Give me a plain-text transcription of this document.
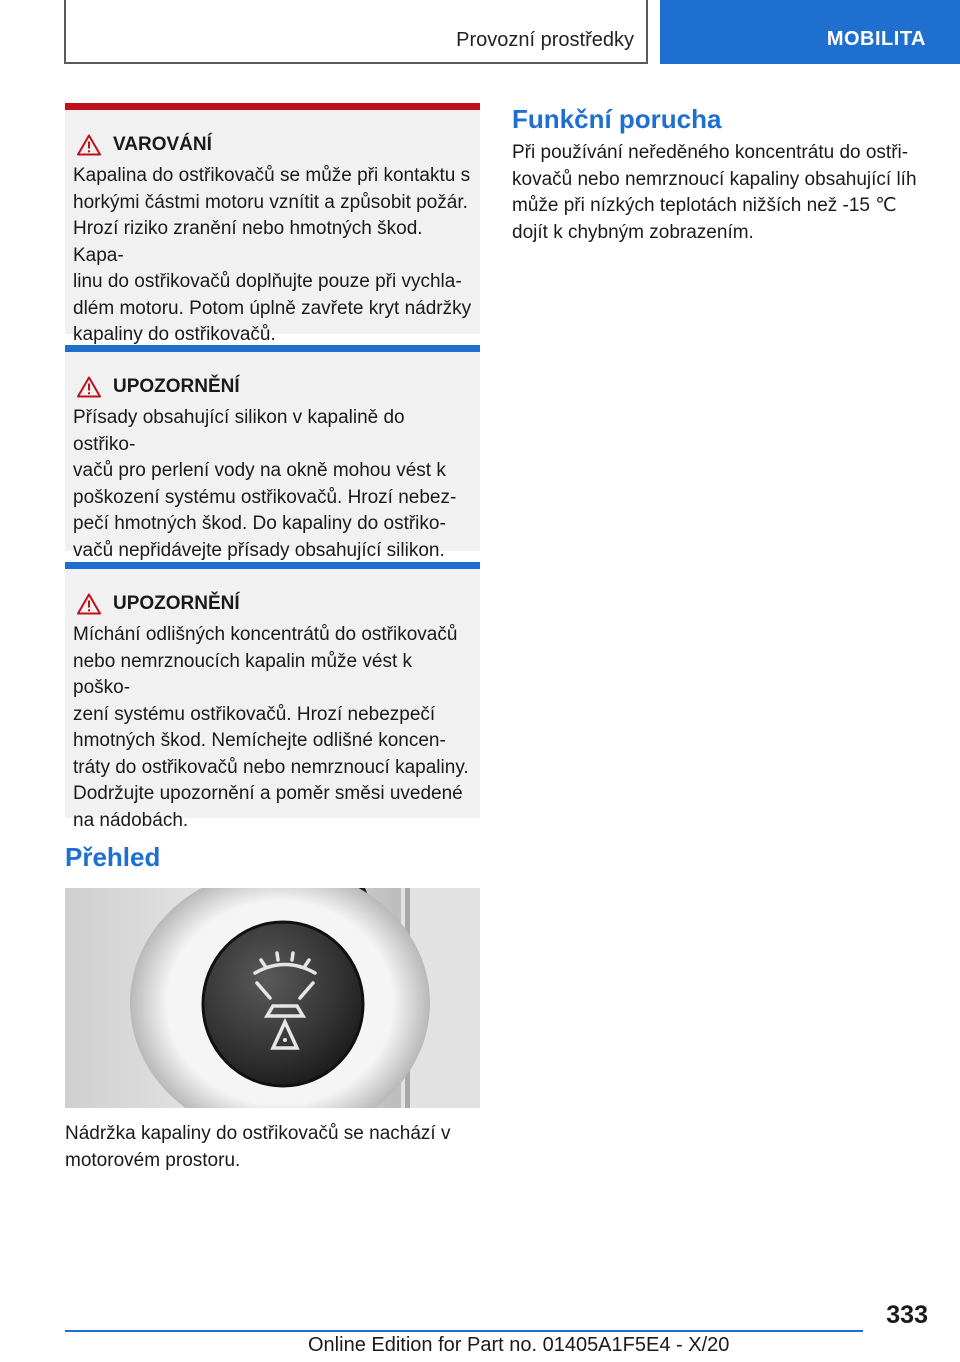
Provozní prostředky	MOBILITA
VAROVÁNÍ
Kapalina do ostřikovačů se může při kontaktu s
horkými částmi motoru vznítit a způsobit požár.
Hrozí riziko zranění nebo hmotných škod. Kapa-
linu do ostřikovačů doplňujte pouze při vychla-
dlém motoru. Potom úplně zavřete kryt nádržky
kapaliny do ostřikovačů.
UPOZORNĚNÍ
Přísady obsahující silikon v kapalině do ostřiko-
vačů pro perlení vody na okně mohou vést k
poškození systému ostřikovačů. Hrozí nebez-
pečí hmotných škod. Do kapaliny do ostřiko-
vačů nepřidávejte přísady obsahující silikon.
UPOZORNĚNÍ
Míchání odlišných koncentrátů do ostřikovačů
nebo nemrznoucích kapalin může vést k poško-
zení systému ostřikovačů. Hrozí nebezpečí
hmotných škod. Nemíchejte odlišné koncen-
tráty do ostřikovačů nebo nemrznoucí kapaliny.
Dodržujte upozornění a poměr směsi uvedené
na nádobách.
Přehled
Nádržka kapaliny do ostřikovačů se nachází v
motorovém prostoru.
Funkční porucha
Při používání neředěného koncentrátu do ostři-
kovačů nebo nemrznoucí kapaliny obsahující líh
může při nízkých teplotách nižších než -15 ℃
dojít k chybným zobrazením.
333
Online Edition for Part no. 01405A1F5E4 - X/20
